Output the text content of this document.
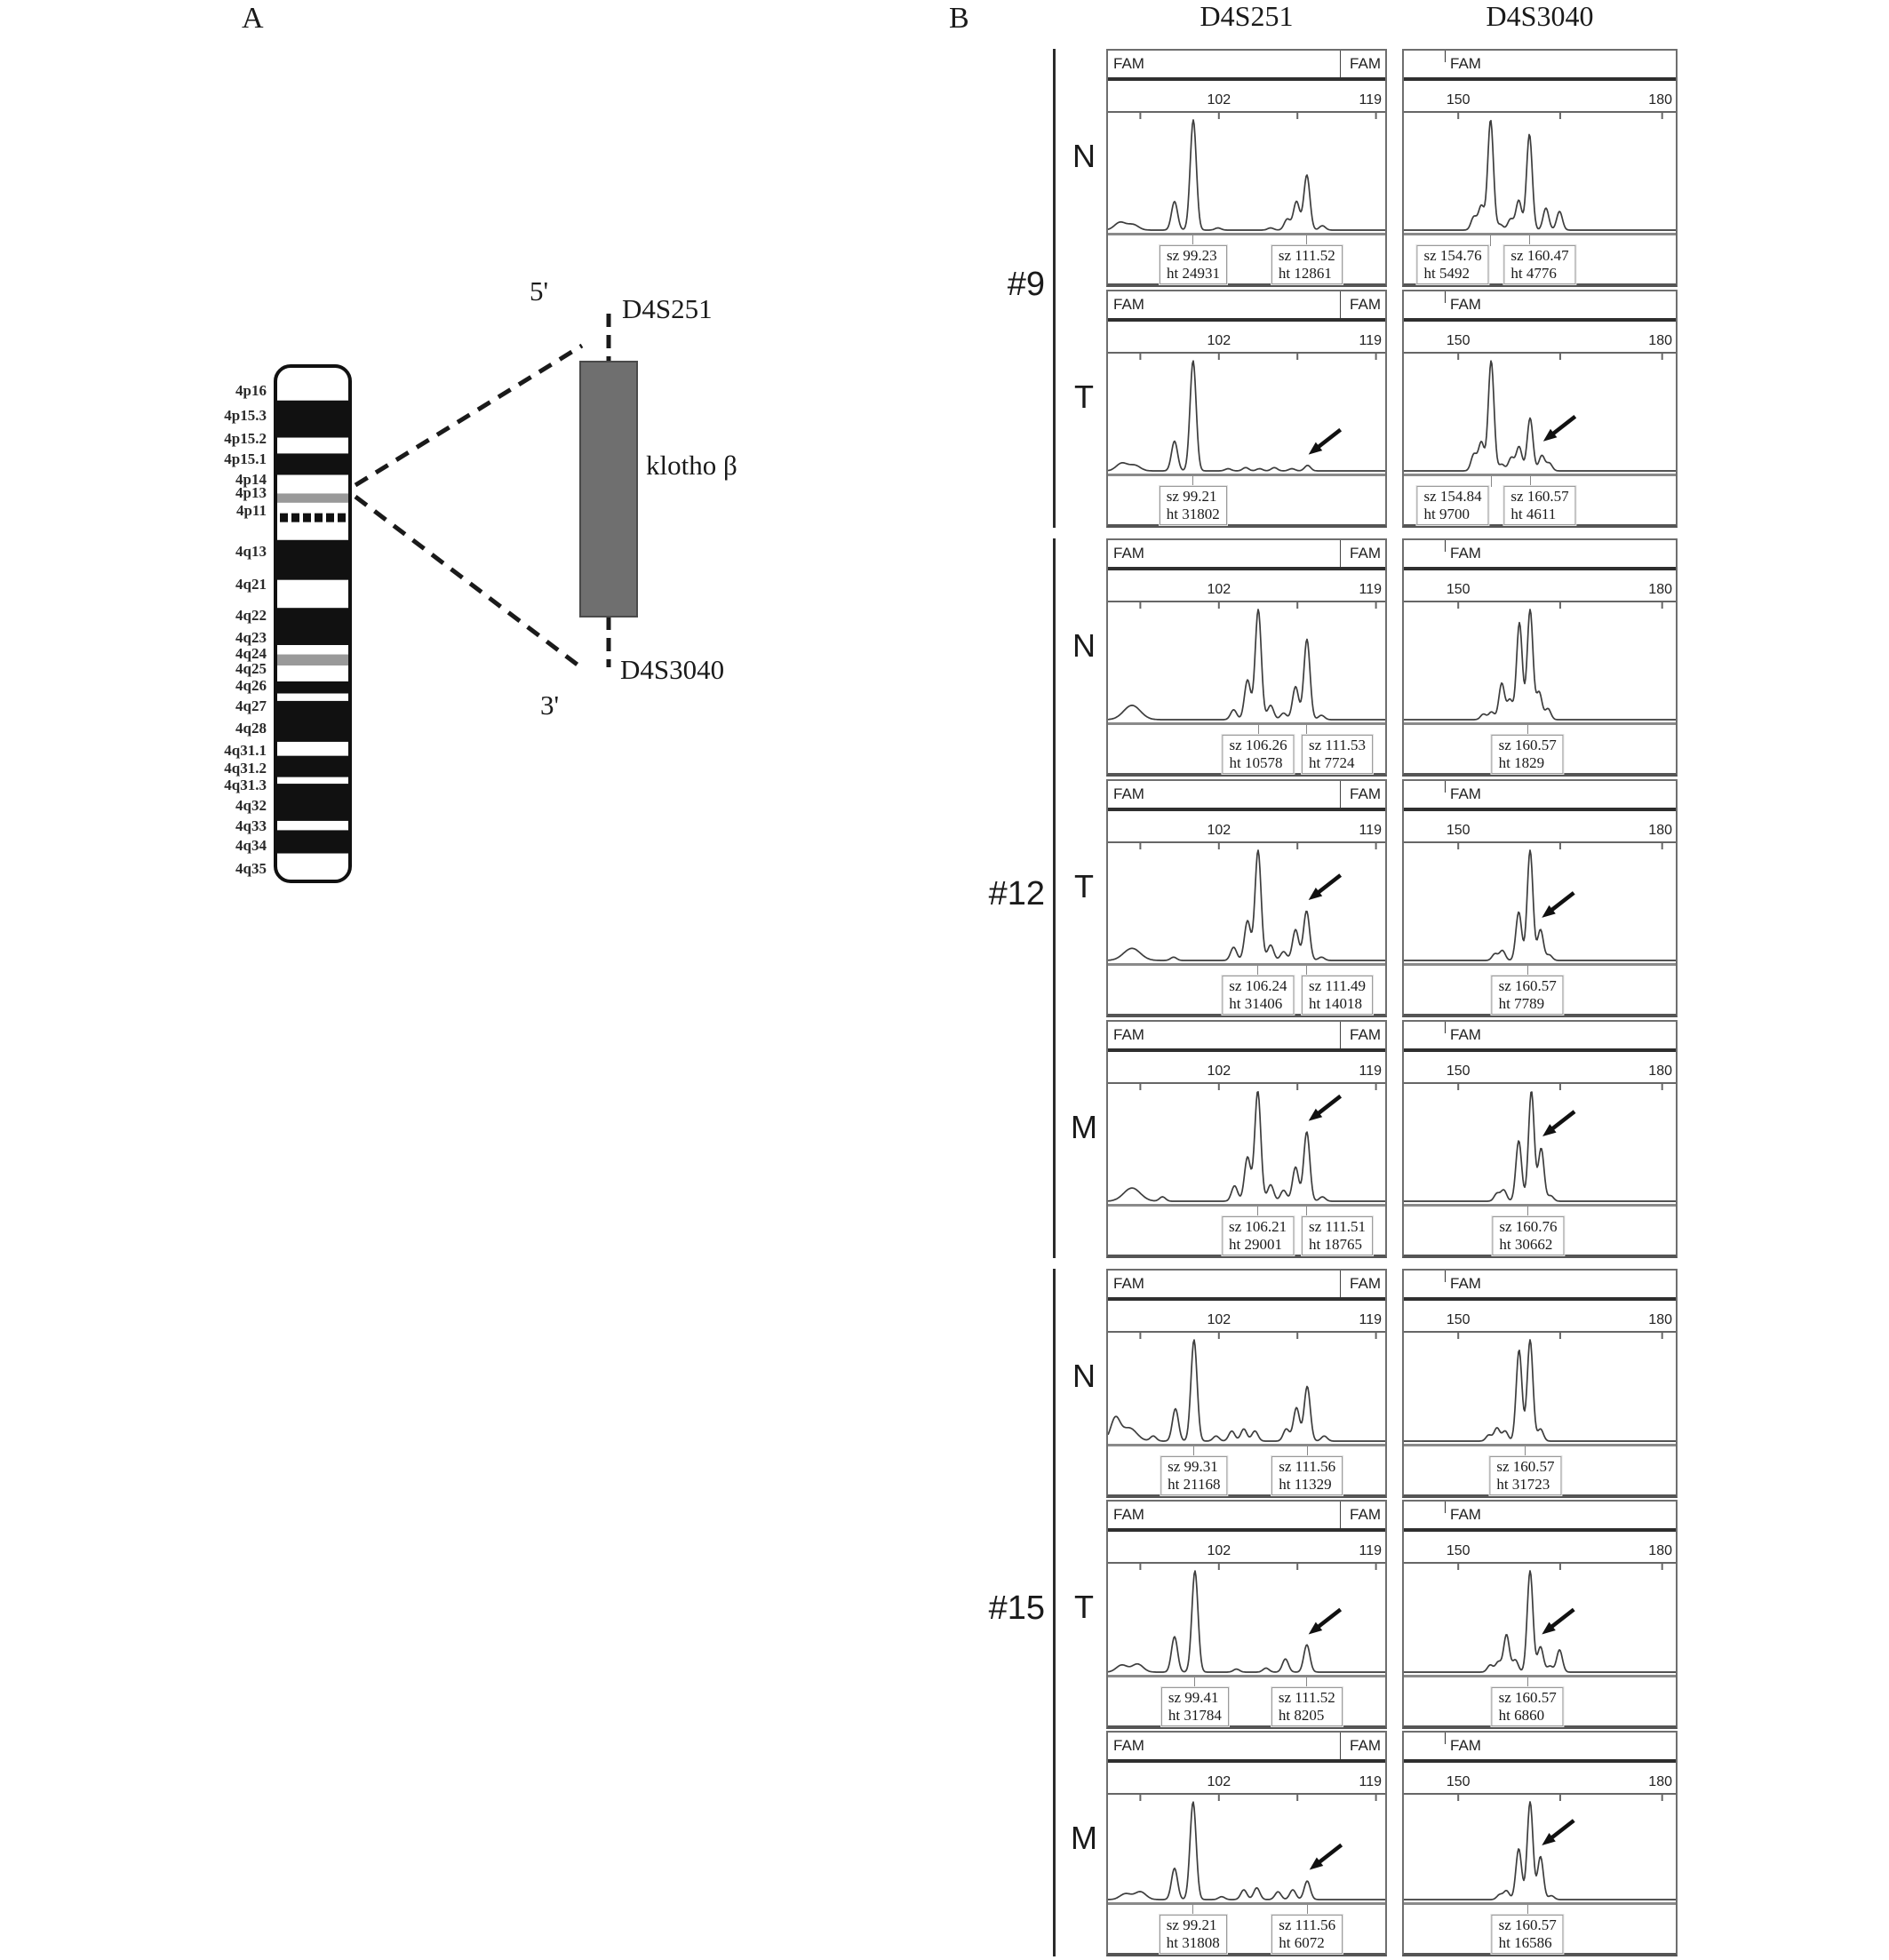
A	B	D4S251	D4S3040
4p16
4p15.3
4p15.2
4p15.1
4p14
4p13
4p11
4q13
4q21
4q22
4q23
4q24
4q25
4q26
4q27
4q28
4q31.1
4q31.2
4q31.3
4q32
4q33
4q34
4q35
5'
D4S251
klotho β
D4S3040
3'
#9
N
FAM	FAM
102	119
sz 99.23
ht 24931
sz 111.52
ht 12861
FAM
150	180
sz 154.76
ht 5492
sz 160.47
ht 4776
T
FAM	FAM
102	119
sz 99.21
ht 31802
FAM
150	180
sz 154.84
ht 9700
sz 160.57
ht 4611
#12
N
FAM	FAM
102	119
sz 106.26
ht 10578
sz 111.53
ht 7724
FAM
150	180
sz 160.57
ht 1829
T
FAM	FAM
102	119
sz 106.24
ht 31406
sz 111.49
ht 14018
FAM
150	180
sz 160.57
ht 7789
M
FAM	FAM
102	119
sz 106.21
ht 29001
sz 111.51
ht 18765
FAM
150	180
sz 160.76
ht 30662
#15
N
FAM	FAM
102	119
sz 99.31
ht 21168
sz 111.56
ht 11329
FAM
150	180
sz 160.57
ht 31723
T
FAM	FAM
102	119
sz 99.41
ht 31784
sz 111.52
ht 8205
FAM
150	180
sz 160.57
ht 6860
M
FAM	FAM
102	119
sz 99.21
ht 31808
sz 111.56
ht 6072
FAM
150	180
sz 160.57
ht 16586
